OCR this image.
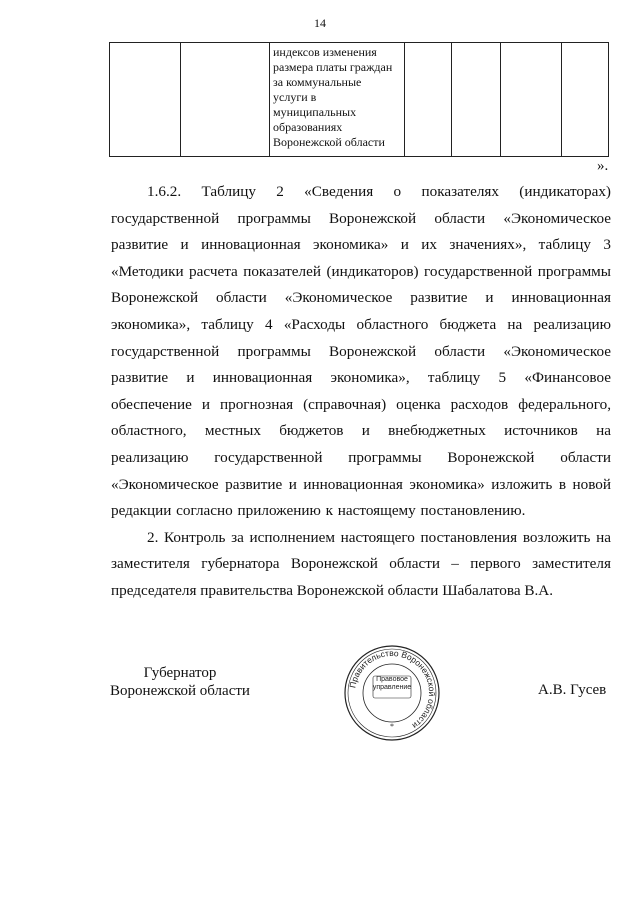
14

индексов изменения
размера платы граждан
за коммунальные
услуги в
муниципальных
образованиях
Воронежской области

».

1.6.2. Таблицу 2 «Сведения о показателях (индикаторах) государственной программы Воронежской области «Экономическое развитие и инновационная экономика» и их значениях», таблицу 3 «Методики расчета показателей (индикаторов) государственной программы Воронежской области «Экономическое развитие и инновационная экономика», таблицу 4 «Расходы областного бюджета на реализацию государственной программы Воронежской области «Экономическое развитие и инновационная экономика», таблицу 5 «Финансовое обеспечение и прогнозная (справочная) оценка расходов федерального, областного, местных бюджетов и внебюджетных источников на реализацию государственной программы Воронежской области «Экономическое развитие и инновационная экономика» изложить в новой редакции согласно приложению к настоящему постановлению.

2. Контроль за исполнением настоящего постановления возложить на заместителя губернатора Воронежской области – первого заместителя председателя правительства Воронежской области Шабалатова В.А.

Губернатор
Воронежской области	Правительство Воронежской области
*
Правовое
управление	А.В. Гусев
